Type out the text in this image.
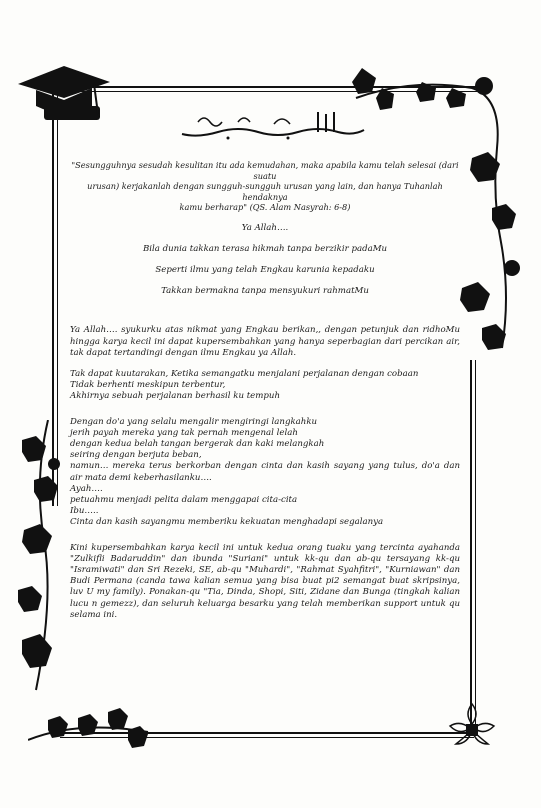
"Sesungguhnya sesudah kesulitan itu ada kemudahan, maka apabila kamu telah selesai (dari suatu

urusan) kerjakanlah dengan sungguh-sungguh urusan yang lain, dan hanya Tuhanlah hendaknya

kamu berharap" (QS. Alam Nasyrah: 6-8)

Ya Allah….

Bila dunia takkan terasa hikmah tanpa berzikir padaMu

Seperti ilmu yang telah Engkau karunia kepadaku

Takkan bermakna tanpa mensyukuri rahmatMu

Ya Allah…. syukurku atas nikmat yang Engkau berikan,, dengan petunjuk dan ridhoMu hingga karya kecil ini dapat kupersembahkan yang hanya seperbagian dari percikan air, tak dapat tertandingi dengan ilmu Engkau ya Allah.

Tak dapat kuutarakan, Ketika semangatku menjalani perjalanan dengan cobaan

Tidak berhenti meskipun terbentur,

Akhirnya sebuah perjalanan berhasil ku tempuh

Dengan do'a yang selalu mengalir mengiringi langkahku

jerih payah mereka yang tak pernah mengenal lelah

dengan kedua belah tangan bergerak dan kaki melangkah

seiring dengan berjuta beban,

namun… mereka terus berkorban dengan cinta dan kasih sayang yang tulus, do'a dan air mata demi keberhasilanku….

Ayah….

petuahmu menjadi pelita dalam menggapai cita-cita

Ibu…..

Cinta dan kasih sayangmu memberiku kekuatan menghadapi segalanya

Kini kupersembahkan karya kecil ini untuk kedua orang tuaku yang tercinta ayahanda "Zulkifli Badaruddin" dan ibunda "Suriani" untuk kk-qu dan ab-qu tersayang kk-qu "Isramiwati" dan Sri Rezeki, SE, ab-qu "Muhardi", "Rahmat Syahfitri", "Kurniawan" dan Budi Permana (canda tawa kalian semua yang bisa buat pi2 semangat buat skripsinya, luv U my family). Ponakan-qu "Tia, Dinda, Shopi, Siti, Zidane dan Bunga (tingkah kalian lucu n gemezz), dan seluruh keluarga besarku yang telah memberikan support untuk qu selama ini.
